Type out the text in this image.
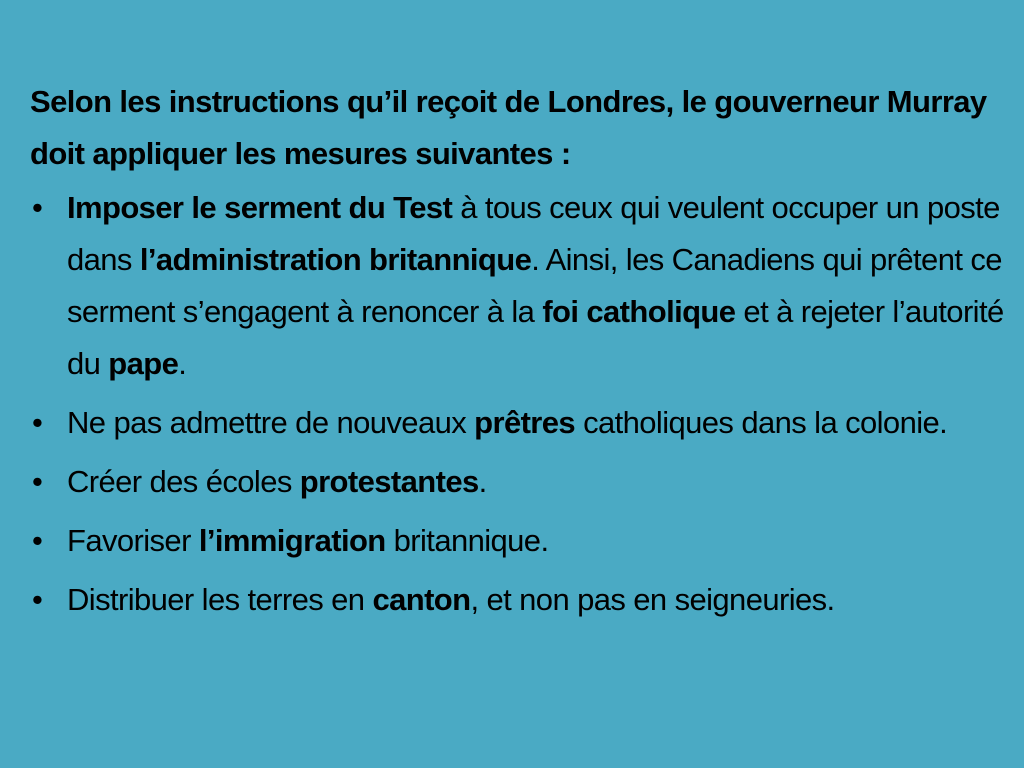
Selon les instructions qu’il reçoit de Londres, le gouverneur Murray doit appliquer les mesures suivantes :

• Imposer le serment du Test à tous ceux qui veulent occuper un poste dans l’administration britannique. Ainsi, les Canadiens qui prêtent ce serment s’engagent à renoncer à la foi catholique et à rejeter l’autorité du pape.
• Ne pas admettre de nouveaux prêtres catholiques dans la colonie.
• Créer des écoles protestantes.
• Favoriser l’immigration britannique.
• Distribuer les terres en canton, et non pas en seigneuries.
